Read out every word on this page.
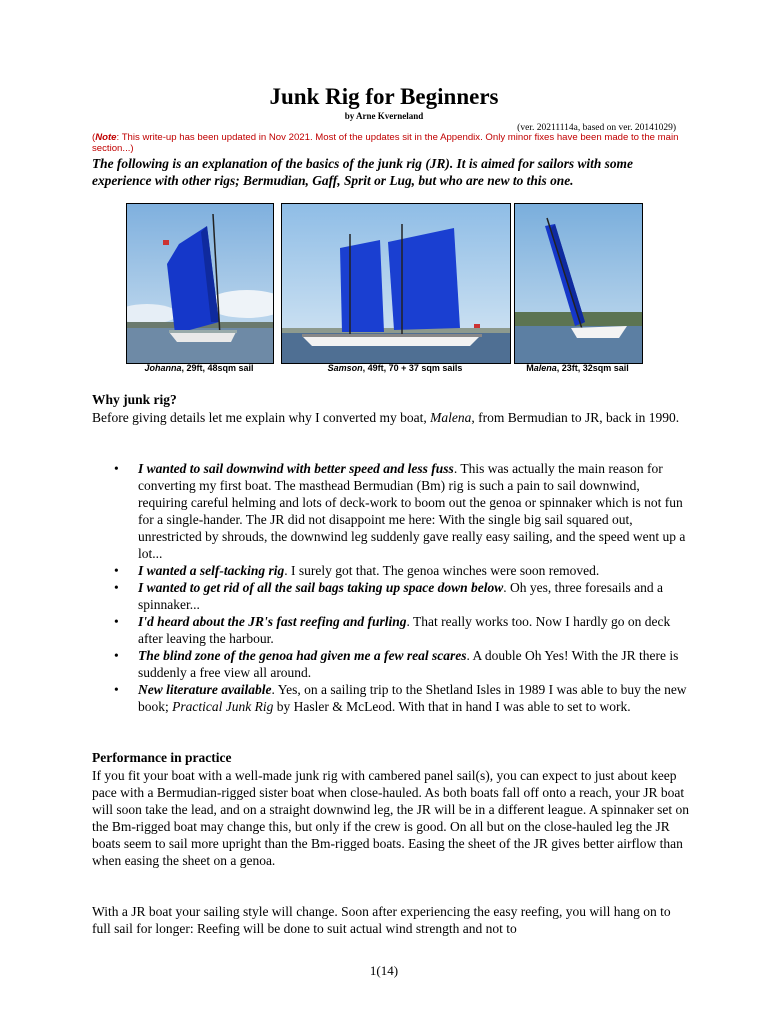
Junk Rig for Beginners
by Arne Kverneland
(ver. 20211114a, based on ver. 20141029)
(Note: This write-up has been updated in Nov 2021. Most of the updates sit in the Appendix. Only minor fixes have been made to the main section...)
The following is an explanation of the basics of the junk rig (JR). It is aimed for sailors with some experience with other rigs; Bermudian, Gaff, Sprit or Lug, but who are new to this one.
Johanna, 29ft, 48sqm sail	Samson, 49ft, 70 + 37 sqm sails	Malena, 23ft, 32sqm sail
Why junk rig?
Before giving details let me explain why I converted my boat, Malena, from Bermudian to JR, back in 1990.
• I wanted to sail downwind with better speed and less fuss. This was actually the main reason for converting my first boat. The masthead Bermudian (Bm) rig is such a pain to sail downwind, requiring careful helming and lots of deck-work to boom out the genoa or spinnaker which is not fun for a single-hander. The JR did not disappoint me here: With the single big sail squared out, unrestricted by shrouds, the downwind leg suddenly gave really easy sailing, and the speed went up a lot...
• I wanted a self-tacking rig. I surely got that. The genoa winches were soon removed.
• I wanted to get rid of all the sail bags taking up space down below. Oh yes, three foresails and a spinnaker...
• I'd heard about the JR's fast reefing and furling. That really works too. Now I hardly go on deck after leaving the harbour.
• The blind zone of the genoa had given me a few real scares. A double Oh Yes! With the JR there is suddenly a free view all around.
• New literature available. Yes, on a sailing trip to the Shetland Isles in 1989 I was able to buy the new book; Practical Junk Rig by Hasler & McLeod. With that in hand I was able to set to work.
Performance in practice
If you fit your boat with a well-made junk rig with cambered panel sail(s), you can expect to just about keep pace with a Bermudian-rigged sister boat when close-hauled. As both boats fall off onto a reach, your JR boat will soon take the lead, and on a straight downwind leg, the JR will be in a different league. A spinnaker set on the Bm-rigged boat may change this, but only if the crew is good. On all but on the close-hauled leg the JR boats seem to sail more upright than the Bm-rigged boats. Easing the sheet of the JR gives better airflow than when easing the sheet on a genoa.
With a JR boat your sailing style will change. Soon after experiencing the easy reefing, you will hang on to full sail for longer: Reefing will be done to suit actual wind strength and not to
1(14)
